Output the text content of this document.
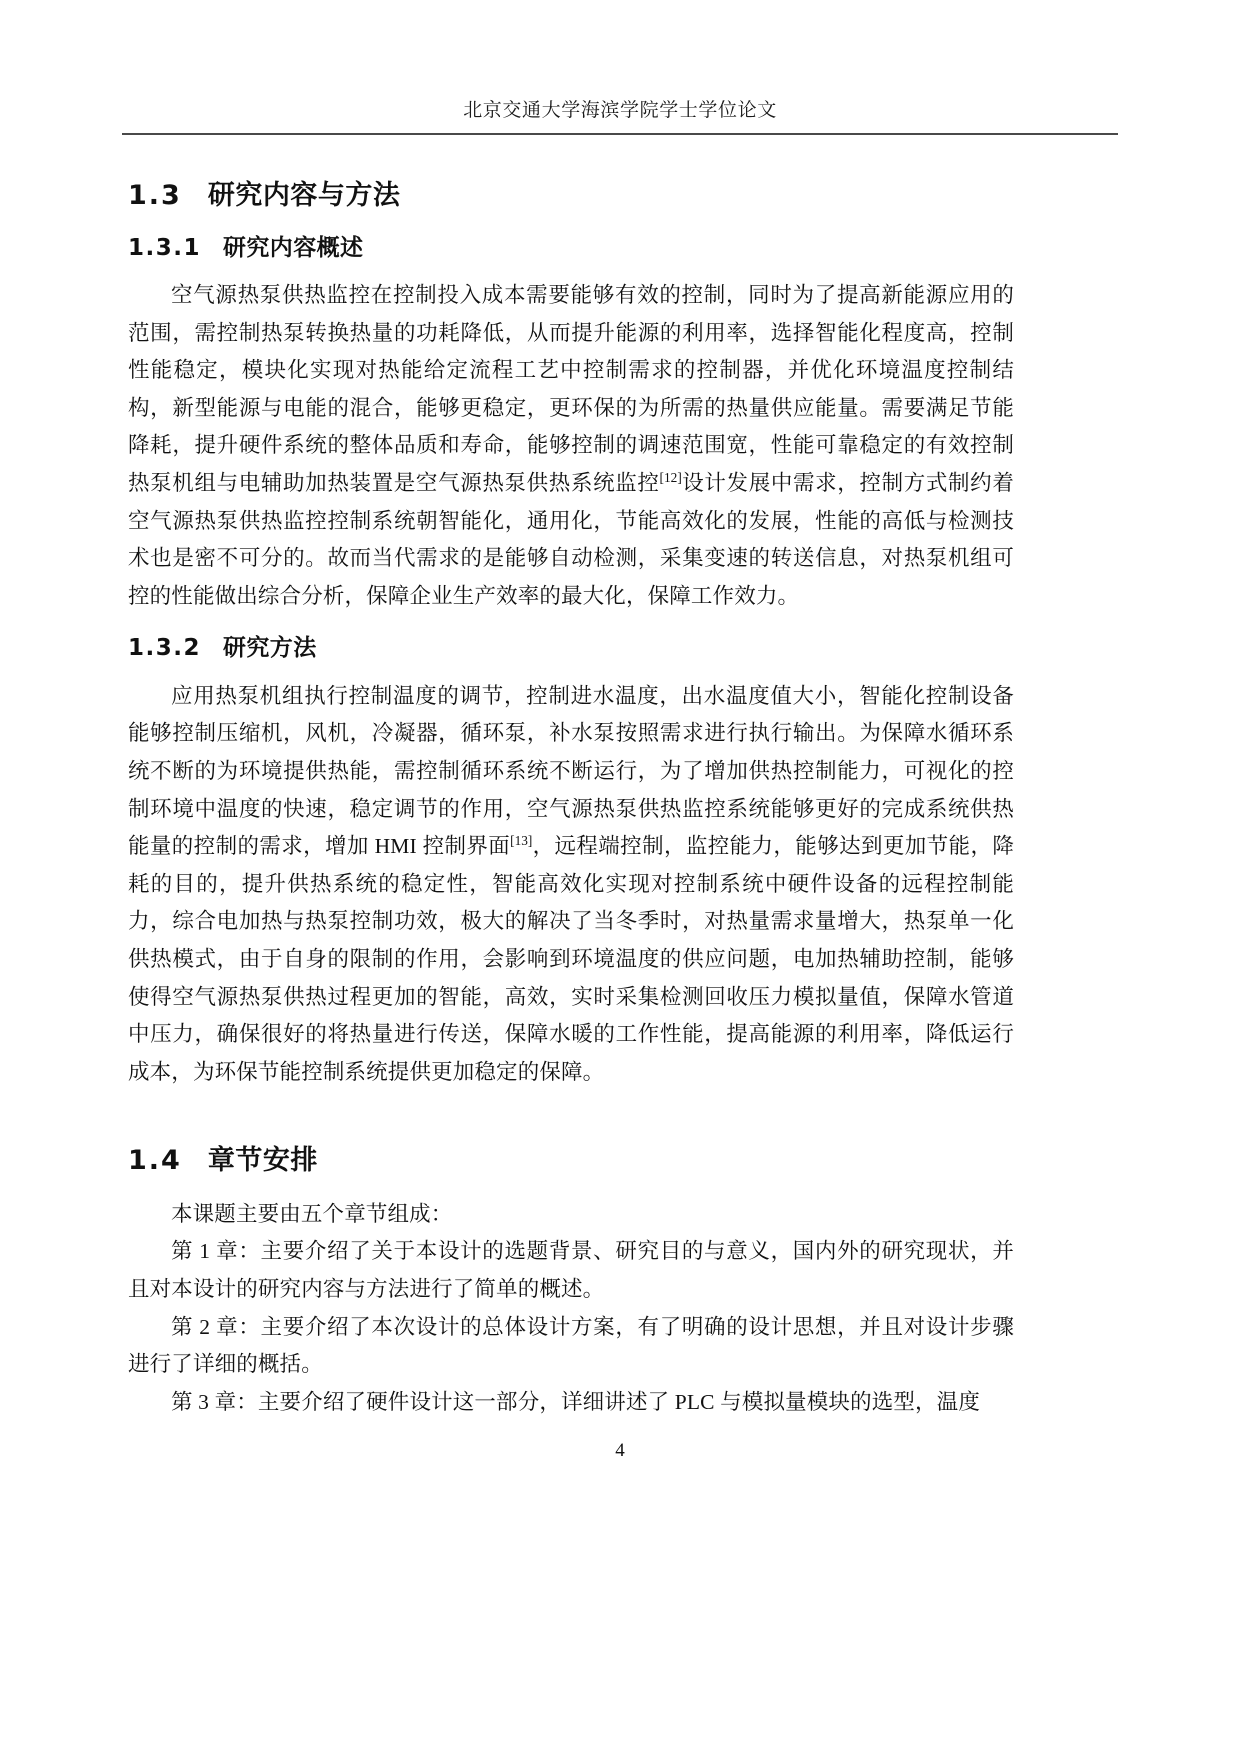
北京交通大学海滨学院学士学位论文
1.3 研究内容与方法
1.3.1 研究内容概述

空气源热泵供热监控在控制投入成本需要能够有效的控制，同时为了提高新能源应用的范围，需控制热泵转换热量的功耗降低，从而提升能源的利用率，选择智能化程度高，控制性能稳定，模块化实现对热能给定流程工艺中控制需求的控制器，并优化环境温度控制结构，新型能源与电能的混合，能够更稳定，更环保的为所需的热量供应能量。需要满足节能降耗，提升硬件系统的整体品质和寿命，能够控制的调速范围宽，性能可靠稳定的有效控制热泵机组与电辅助加热装置是空气源热泵供热系统监控[12]设计发展中需求，控制方式制约着空气源热泵供热监控控制系统朝智能化，通用化，节能高效化的发展，性能的高低与检测技术也是密不可分的。故而当代需求的是能够自动检测，采集变速的转送信息，对热泵机组可控的性能做出综合分析，保障企业生产效率的最大化，保障工作效力。

1.3.2 研究方法

应用热泵机组执行控制温度的调节，控制进水温度，出水温度值大小，智能化控制设备能够控制压缩机，风机，冷凝器，循环泵，补水泵按照需求进行执行输出。为保障水循环系统不断的为环境提供热能，需控制循环系统不断运行，为了增加供热控制能力，可视化的控制环境中温度的快速，稳定调节的作用，空气源热泵供热监控系统能够更好的完成系统供热能量的控制的需求，增加 HMI 控制界面[13]，远程端控制，监控能力，能够达到更加节能，降耗的目的，提升供热系统的稳定性，智能高效化实现对控制系统中硬件设备的远程控制能力，综合电加热与热泵控制功效，极大的解决了当冬季时，对热量需求量增大，热泵单一化供热模式，由于自身的限制的作用，会影响到环境温度的供应问题，电加热辅助控制，能够使得空气源热泵供热过程更加的智能，高效，实时采集检测回收压力模拟量值，保障水管道中压力，确保很好的将热量进行传送，保障水暖的工作性能，提高能源的利用率，降低运行成本，为环保节能控制系统提供更加稳定的保障。

1.4 章节安排

本课题主要由五个章节组成：

第 1 章：主要介绍了关于本设计的选题背景、研究目的与意义，国内外的研究现状，并且对本设计的研究内容与方法进行了简单的概述。

第 2 章：主要介绍了本次设计的总体设计方案，有了明确的设计思想，并且对设计步骤进行了详细的概括。

第 3 章：主要介绍了硬件设计这一部分，详细讲述了 PLC 与模拟量模块的选型，温度

4
